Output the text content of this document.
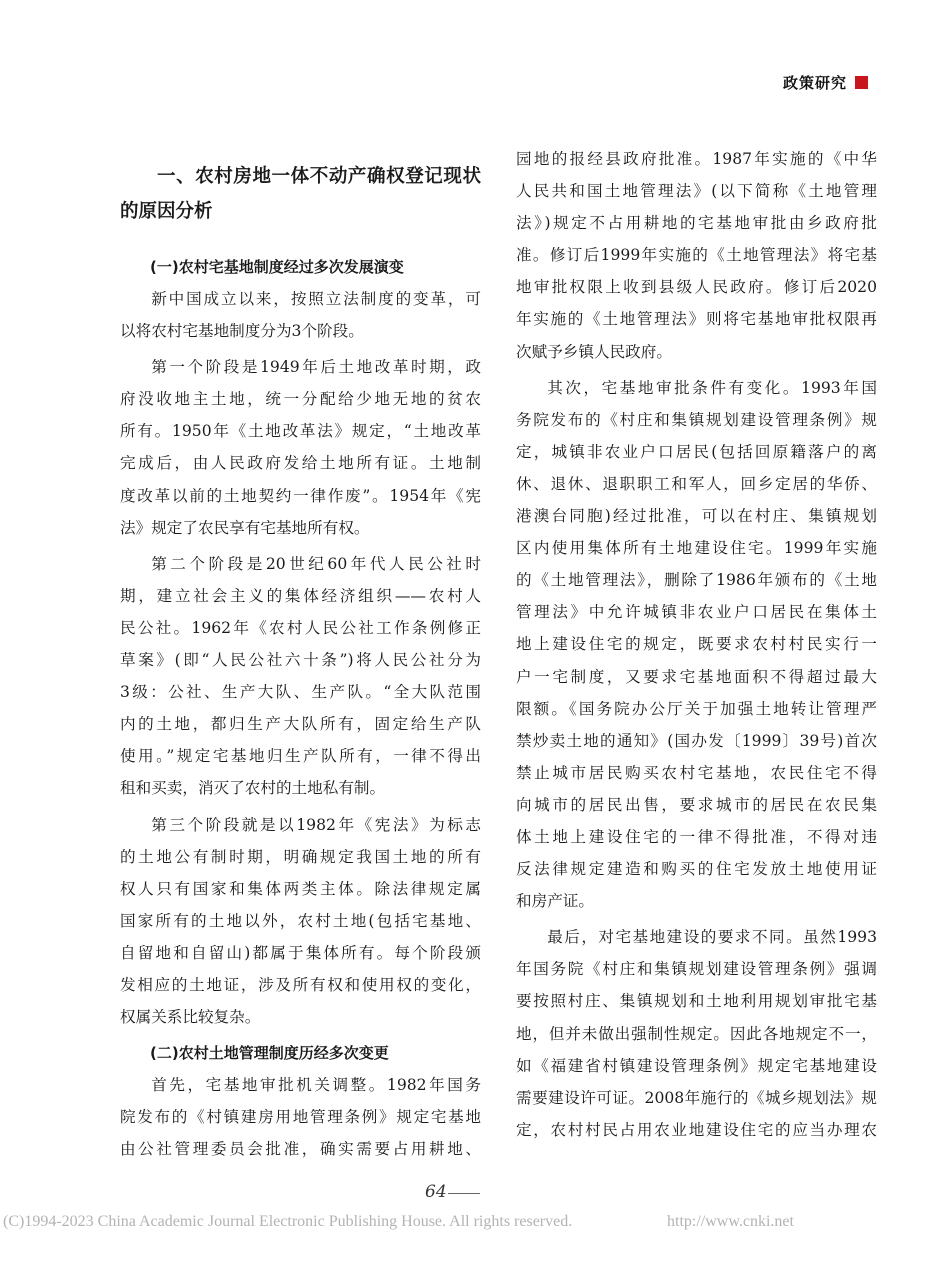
政策研究
一、农村房地一体不动产确权登记现状的原因分析
(一)农村宅基地制度经过多次发展演变

新中国成立以来，按照立法制度的变革，可

以将农村宅基地制度分为3个阶段。

第一个阶段是1949年后土地改革时期，政

府没收地主土地，统一分配给少地无地的贫农

所有。1950年《土地改革法》规定，“土地改革

完成后，由人民政府发给土地所有证。土地制

度改革以前的土地契约一律作废”。1954年《宪

法》规定了农民享有宅基地所有权。

第二个阶段是20世纪60年代人民公社时

期，建立社会主义的集体经济组织——农村人

民公社。1962年《农村人民公社工作条例修正

草案》(即“人民公社六十条”)将人民公社分为

3级：公社、生产大队、生产队。“全大队范围

内的土地，都归生产大队所有，固定给生产队

使用。”规定宅基地归生产队所有，一律不得出

租和买卖，消灭了农村的土地私有制。

第三个阶段就是以1982年《宪法》为标志

的土地公有制时期，明确规定我国土地的所有

权人只有国家和集体两类主体。除法律规定属

国家所有的土地以外，农村土地(包括宅基地、

自留地和自留山)都属于集体所有。每个阶段颁

发相应的土地证，涉及所有权和使用权的变化，

权属关系比较复杂。

(二)农村土地管理制度历经多次变更

首先，宅基地审批机关调整。1982年国务

院发布的《村镇建房用地管理条例》规定宅基地

由公社管理委员会批准，确实需要占用耕地、

园地的报经县政府批准。1987年实施的《中华

人民共和国土地管理法》(以下简称《土地管理

法》)规定不占用耕地的宅基地审批由乡政府批

准。修订后1999年实施的《土地管理法》将宅基

地审批权限上收到县级人民政府。修订后2020

年实施的《土地管理法》则将宅基地审批权限再

次赋予乡镇人民政府。

其次，宅基地审批条件有变化。1993年国

务院发布的《村庄和集镇规划建设管理条例》规

定，城镇非农业户口居民(包括回原籍落户的离

休、退休、退职职工和军人，回乡定居的华侨、

港澳台同胞)经过批准，可以在村庄、集镇规划

区内使用集体所有土地建设住宅。1999年实施

的《土地管理法》，删除了1986年颁布的《土地

管理法》中允许城镇非农业户口居民在集体土

地上建设住宅的规定，既要求农村村民实行一

户一宅制度，又要求宅基地面积不得超过最大

限额。《国务院办公厅关于加强土地转让管理严

禁炒卖土地的通知》(国办发〔1999〕39号)首次

禁止城市居民购买农村宅基地，农民住宅不得

向城市的居民出售，要求城市的居民在农民集

体土地上建设住宅的一律不得批准，不得对违

反法律规定建造和购买的住宅发放土地使用证

和房产证。

最后，对宅基地建设的要求不同。虽然1993

年国务院《村庄和集镇规划建设管理条例》强调

要按照村庄、集镇规划和土地利用规划审批宅基

地，但并未做出强制性规定。因此各地规定不一，

如《福建省村镇建设管理条例》规定宅基地建设

需要建设许可证。2008年施行的《城乡规划法》规

定，农村村民占用农业地建设住宅的应当办理农

64
(C)1994-2023 China Academic Journal Electronic Publishing House. All rights reserved.	http://www.cnki.net
